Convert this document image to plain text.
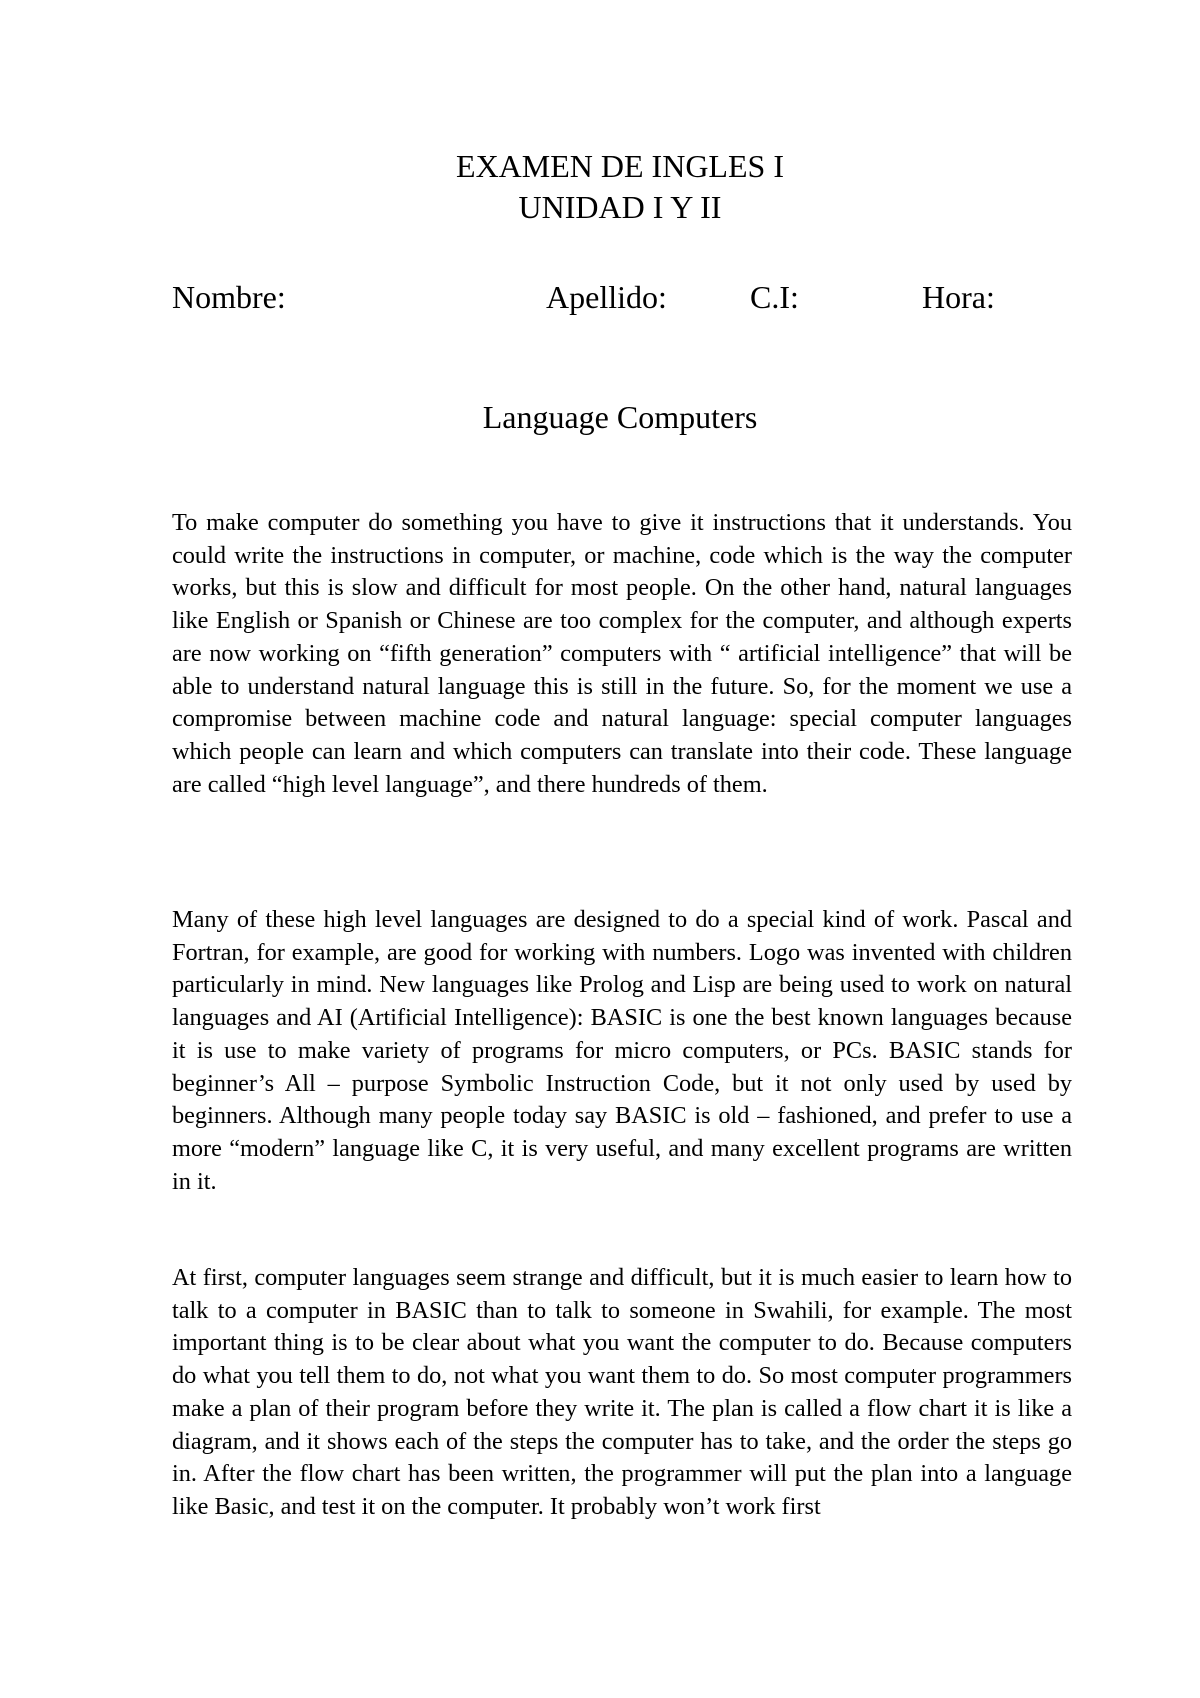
EXAMEN DE INGLES I
UNIDAD I Y II
Nombre:	Apellido:	C.I:	Hora:
Language Computers

To make computer do something you have to give it instructions that it understands. You could write the instructions in computer, or machine, code which is the way the computer works, but this is slow and difficult for most people. On the other hand, natural languages like English or Spanish or Chinese are too complex for the computer, and although experts are now working on “fifth generation” computers with “ artificial intelligence” that will be able to understand natural language this is still in the future. So, for the moment we use a compromise between machine code and natural language: special computer languages which people can learn and which computers can translate into their code. These language are called “high level language”, and there hundreds of them.

Many of these high level languages are designed to do a special kind of work. Pascal and Fortran, for example, are good for working with numbers. Logo was invented with children particularly in mind. New languages like Prolog and Lisp are being used to work on natural languages and AI (Artificial Intelligence): BASIC is one the best known languages because it is use to make variety of programs for micro computers, or PCs. BASIC stands for beginner’s All – purpose Symbolic Instruction Code, but it not only used by used by beginners. Although many people today say BASIC is old – fashioned, and prefer to use a more “modern” language like C, it is very useful, and many excellent programs are written in it.

At first, computer languages seem strange and difficult, but it is much easier to learn how to talk to a computer in BASIC than to talk to someone in Swahili, for example. The most important thing is to be clear about what you want the computer to do. Because computers do what you tell them to do, not what you want them to do. So most computer programmers make a plan of their program before they write it. The plan is called a flow chart it is like a diagram, and it shows each of the steps the computer has to take, and the order the steps go in. After the flow chart has been written, the programmer will put the plan into a language like Basic, and test it on the computer. It probably won’t work first
